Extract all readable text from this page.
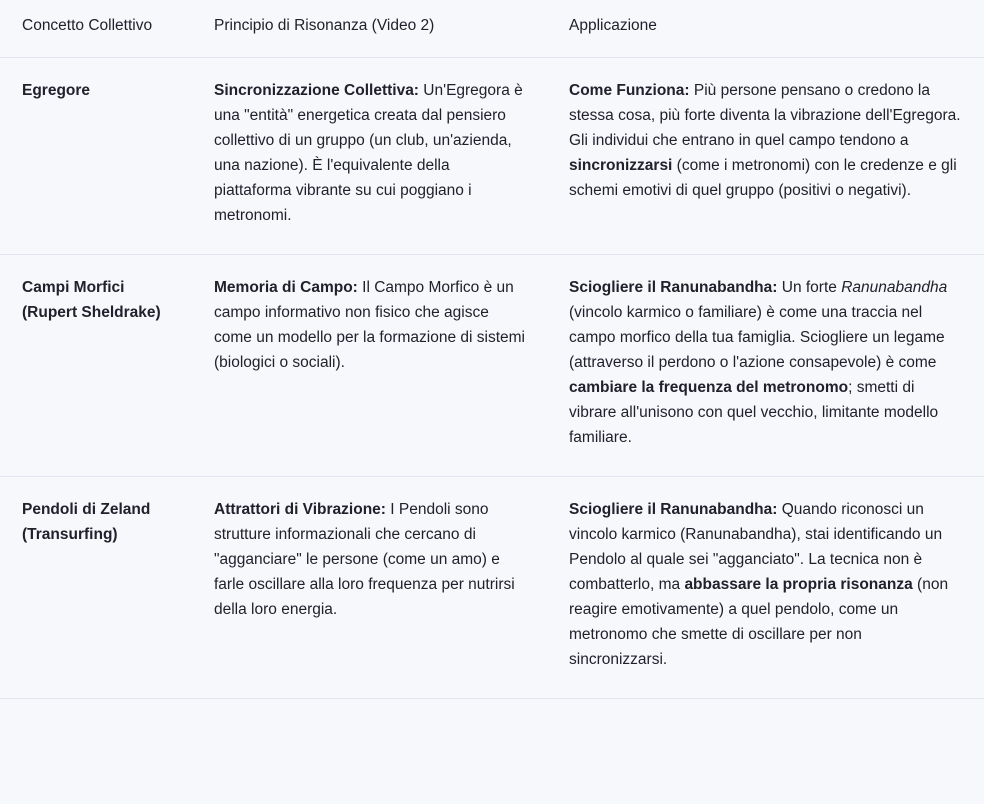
Concetto Collettivo	Principio di Risonanza (Video 2)	Applicazione
Egregore	Sincronizzazione Collettiva: Un'Egregora è una "entità" energetica creata dal pensiero collettivo di un gruppo (un club, un'azienda, una nazione). È l'equivalente della piattaforma vibrante su cui poggiano i metronomi.	Come Funziona: Più persone pensano o credono la stessa cosa, più forte diventa la vibrazione dell'Egregora. Gli individui che entrano in quel campo tendono a sincronizzarsi (come i metronomi) con le credenze e gli schemi emotivi di quel gruppo (positivi o negativi).
Campi Morfici (Rupert Sheldrake)	Memoria di Campo: Il Campo Morfico è un campo informativo non fisico che agisce come un modello per la formazione di sistemi (biologici o sociali).	Sciogliere il Ranunabandha: Un forte Ranunabandha (vincolo karmico o familiare) è come una traccia nel campo morfico della tua famiglia. Sciogliere un legame (attraverso il perdono o l'azione consapevole) è come cambiare la frequenza del metronomo; smetti di vibrare all'unisono con quel vecchio, limitante modello familiare.
Pendoli di Zeland (Transurfing)	Attrattori di Vibrazione: I Pendoli sono strutture informazionali che cercano di "agganciare" le persone (come un amo) e farle oscillare alla loro frequenza per nutrirsi della loro energia.	Sciogliere il Ranunabandha: Quando riconosci un vincolo karmico (Ranunabandha), stai identificando un Pendolo al quale sei "agganciato". La tecnica non è combatterlo, ma abbassare la propria risonanza (non reagire emotivamente) a quel pendolo, come un metronomo che smette di oscillare per non sincronizzarsi.
